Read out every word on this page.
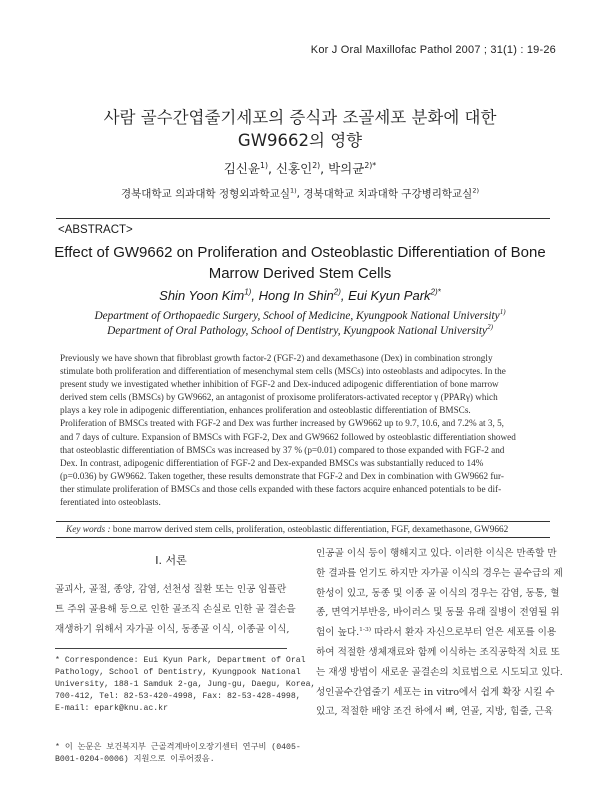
Kor J Oral Maxillofac Pathol 2007 ; 31(1) : 19-26
사람 골수간엽줄기세포의 증식과 조골세포 분화에 대한
GW9662의 영향
김신윤$^{1)}$, 신홍인$^{2)}$, 박의균$^{2)*}$
경북대학교 의과대학 정형외과학교실$^{1)}$, 경북대학교 치과대학 구강병리학교실$^{2)}$
<ABSTRACT>
Effect of GW9662 on Proliferation and Osteoblastic Differentiation of Bone
Marrow Derived Stem Cells
Shin Yoon Kim$^{1)}$, Hong In Shin$^{2)}$, Eui Kyun Park$^{2)*}$
Department of Orthopaedic Surgery, School of Medicine, Kyungpook National University$^{1)}$
Department of Oral Pathology, School of Dentistry, Kyungpook National University$^{2)}$
Previously we have shown that fibroblast growth factor-2 (FGF-2) and dexamethasone (Dex) in combination strongly
stimulate both proliferation and differentiation of mesenchymal stem cells (MSCs) into osteoblasts and adipocytes. In the
present study we investigated whether inhibition of FGF-2 and Dex-induced adipogenic differentiation of bone marrow
derived stem cells (BMSCs) by GW9662, an antagonist of proxisome proliferators-activated receptor γ (PPARγ) which
plays a key role in adipogenic differentiation, enhances proliferation and osteoblastic differentiation of BMSCs.
Proliferation of BMSCs treated with FGF-2 and Dex was further increased by GW9662 up to 9.7, 10.6, and 7.2% at 3, 5,
and 7 days of culture. Expansion of BMSCs with FGF-2, Dex and GW9662 followed by osteoblastic differentiation showed
that osteoblastic differentiation of BMSCs was increased by 37 % (p=0.01) compared to those expanded with FGF-2 and
Dex. In contrast, adipogenic differentiation of FGF-2 and Dex-expanded BMSCs was substantially reduced to 14%
(p=0.036) by GW9662. Taken together, these results demonstrate that FGF-2 and Dex in combination with GW9662 fur-
ther stimulate proliferation of BMSCs and those cells expanded with these factors acquire enhanced potentials to be dif-
ferentiated into osteoblasts.
Key words : bone marrow derived stem cells, proliferation, osteoblastic differentiation, FGF, dexamethasone, GW9662
I. 서론
골괴사, 골절, 종양, 감염, 선천성 질환 또는 인공 임플란
트 주위 골용해 등으로 인한 골조직 손실로 인한 골 결손을
재생하기 위해서 자가골 이식, 동종골 이식, 이종골 이식,
인공골 이식 등이 행해지고 있다. 이러한 이식은 만족할 만
한 결과를 얻기도 하지만 자가골 이식의 경우는 골수급의 제
한성이 있고, 동종 및 이종 골 이식의 경우는 감염, 동통, 혈
종, 면역거부반응, 바이러스 및 동물 유래 질병이 전염될 위
험이 높다.$^{1-3)}$ 따라서 환자 자신으로부터 얻은 세포를 이용
하여 적절한 생체재료와 함께 이식하는 조직공학적 치료 또
는 재생 방법이 새로운 골결손의 치료법으로 시도되고 있다.
성인골수간엽줄기 세포는 in vitro에서 쉽게 확장 시킬 수
있고, 적절한 배양 조건 하에서 뼈, 연골, 지방, 힘줄, 근육
* Correspondence: Eui Kyun Park, Department of Oral
Pathology, School of Dentistry, Kyungpook National
University, 188-1 Samduk 2-ga, Jung-gu, Daegu, Korea,
700-412, Tel: 82-53-420-4998, Fax: 82-53-428-4998,
E-mail: epark@knu.ac.kr
* 이 논문은 보건복지부 근골격계바이오장기센터 연구비 (0405-
B001-0204-0006) 지원으로 이루어졌음.
